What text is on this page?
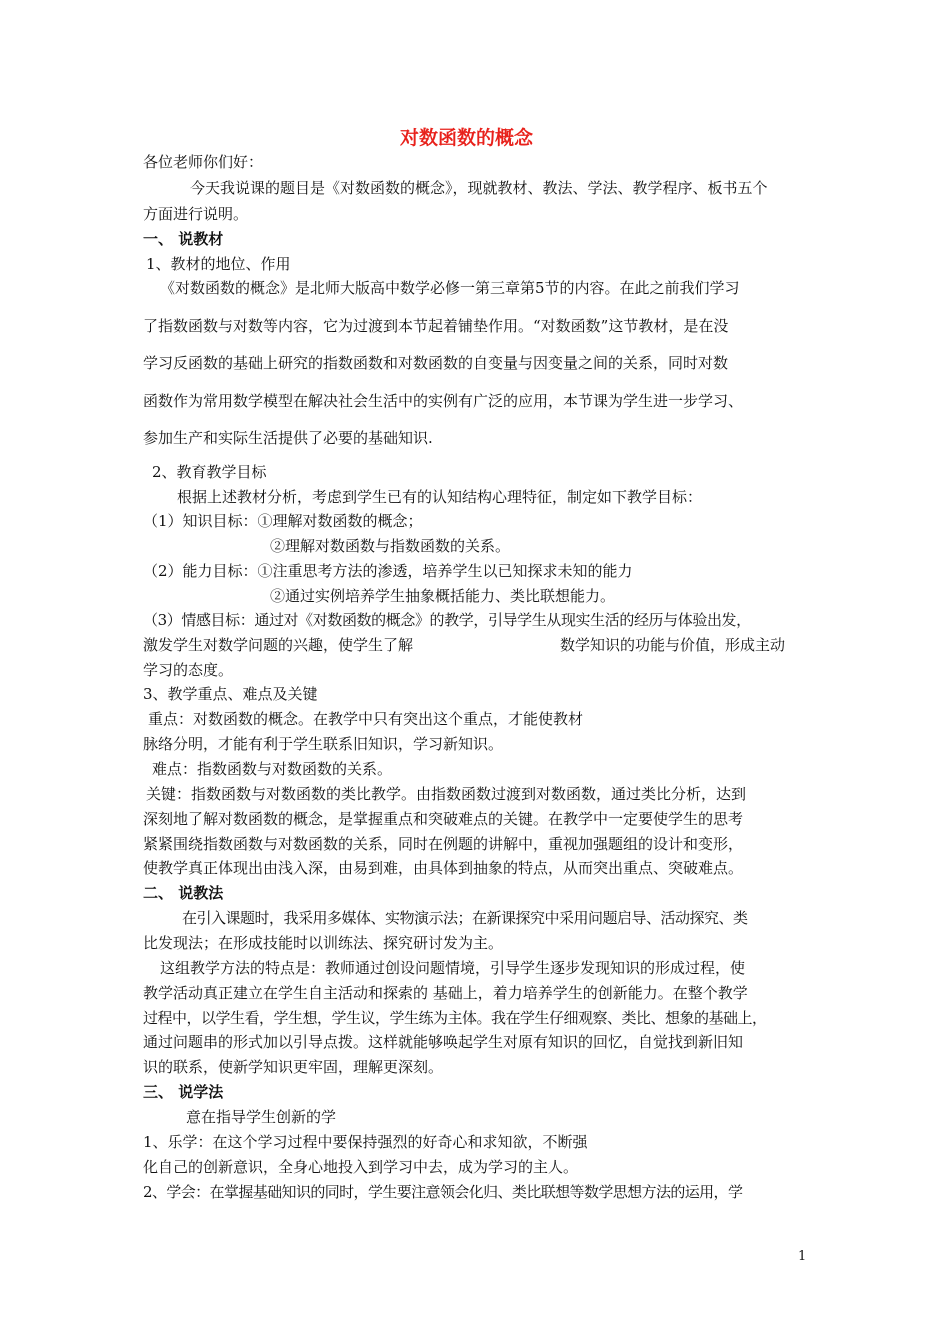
对数函数的概念
各位老师你们好：
今天我说课的题目是《对数函数的概念》，现就教材、教法、学法、教学程序、板书五个
方面进行说明。
一、 说教材
1、教材的地位、作用
《对数函数的概念》是北师大版高中数学必修一第三章第5节的内容。在此之前我们学习
了指数函数与对数等内容，它为过渡到本节起着铺垫作用。“对数函数”这节教材，是在没
学习反函数的基础上研究的指数函数和对数函数的自变量与因变量之间的关系，同时对数
函数作为常用数学模型在解决社会生活中的实例有广泛的应用，本节课为学生进一步学习、
参加生产和实际生活提供了必要的基础知识.
2、教育教学目标
根据上述教材分析，考虑到学生已有的认知结构心理特征，制定如下教学目标：
（1）知识目标：①理解对数函数的概念；
②理解对数函数与指数函数的关系。
（2）能力目标：①注重思考方法的渗透，培养学生以已知探求未知的能力
②通过实例培养学生抽象概括能力、类比联想能力。
（3）情感目标：通过对《对数函数的概念》的教学，引导学生从现实生活的经历与体验出发，
激发学生对数学问题的兴趣，使学生了解	数学知识的功能与价值，形成主动
学习的态度。
3、教学重点、难点及关键
重点：对数函数的概念。在教学中只有突出这个重点，才能使教材
脉络分明，才能有利于学生联系旧知识，学习新知识。
难点：指数函数与对数函数的关系。
关键：指数函数与对数函数的类比教学。由指数函数过渡到对数函数，通过类比分析，达到
深刻地了解对数函数的概念，是掌握重点和突破难点的关键。在教学中一定要使学生的思考
紧紧围绕指数函数与对数函数的关系，同时在例题的讲解中，重视加强题组的设计和变形，
使教学真正体现出由浅入深，由易到难，由具体到抽象的特点，从而突出重点、突破难点。
二、 说教法
在引入课题时，我采用多媒体、实物演示法；在新课探究中采用问题启导、活动探究、类
比发现法；在形成技能时以训练法、探究研讨发为主。
这组教学方法的特点是：教师通过创设问题情境，引导学生逐步发现知识的形成过程，使
教学活动真正建立在学生自主活动和探索的 基础上，着力培养学生的创新能力。在整个教学
过程中，以学生看，学生想，学生议，学生练为主体。我在学生仔细观察、类比、想象的基础上，
通过问题串的形式加以引导点拨。这样就能够唤起学生对原有知识的回忆，自觉找到新旧知
识的联系，使新学知识更牢固，理解更深刻。
三、 说学法
意在指导学生创新的学
1、乐学：在这个学习过程中要保持强烈的好奇心和求知欲，不断强
化自己的创新意识，全身心地投入到学习中去，成为学习的主人。
2、学会：在掌握基础知识的同时，学生要注意领会化归、类比联想等数学思想方法的运用，学
1
